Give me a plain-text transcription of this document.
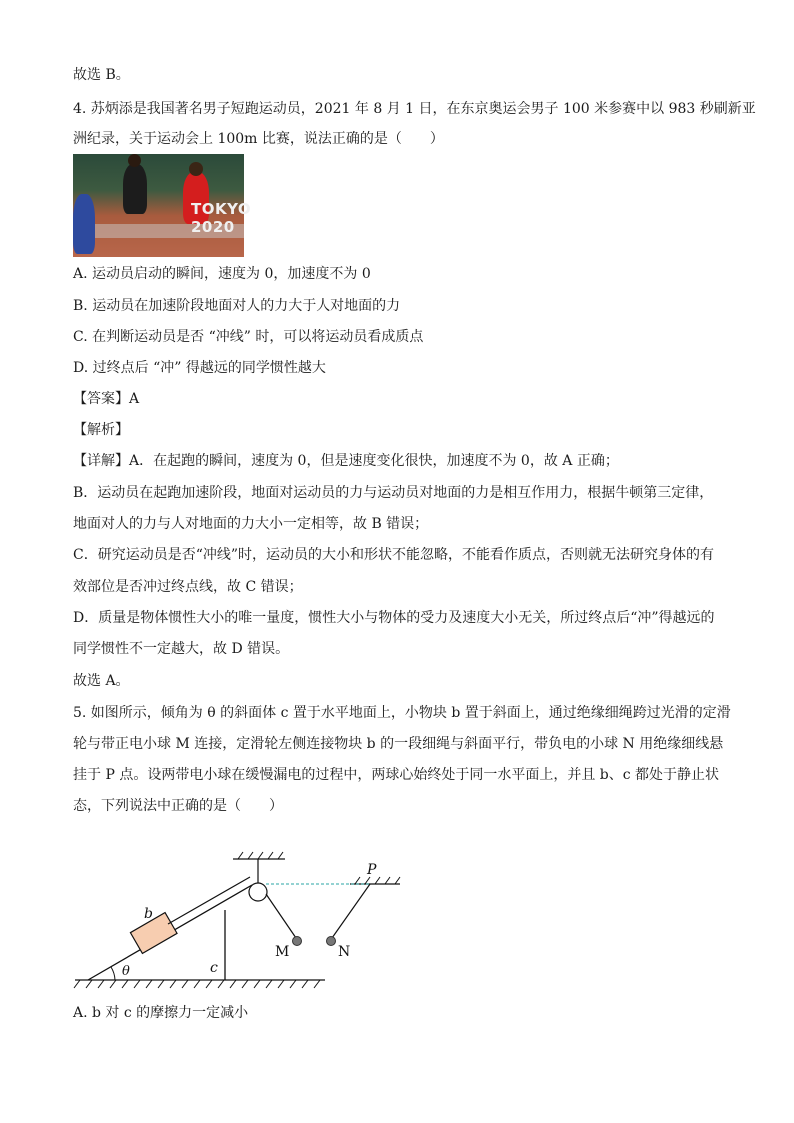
故选 B。
4. 苏炳添是我国著名男子短跑运动员，2021 年 8 月 1 日，在东京奥运会男子 100 米参赛中以 983 秒刷新亚
洲纪录，关于运动会上 100m 比赛，说法正确的是（　　）
TOKYO 2020
A. 运动员启动的瞬间，速度为 0，加速度不为 0
B. 运动员在加速阶段地面对人的力大于人对地面的力
C. 在判断运动员是否 “冲线” 时，可以将运动员看成质点
D. 过终点后 “冲” 得越远的同学惯性越大
【答案】A
【解析】
【详解】A．在起跑的瞬间，速度为 0，但是速度变化很快，加速度不为 0，故 A 正确；
B．运动员在起跑加速阶段，地面对运动员的力与运动员对地面的力是相互作用力，根据牛顿第三定律，
地面对人的力与人对地面的力大小一定相等，故 B 错误；
C．研究运动员是否“冲线”时，运动员的大小和形状不能忽略，不能看作质点，否则就无法研究身体的有
效部位是否冲过终点线，故 C 错误；
D．质量是物体惯性大小的唯一量度，惯性大小与物体的受力及速度大小无关，所过终点后“冲”得越远的
同学惯性不一定越大，故 D 错误。
故选 A。
5. 如图所示，倾角为 θ 的斜面体 c 置于水平地面上，小物块 b 置于斜面上，通过绝缘细绳跨过光滑的定滑
轮与带正电小球 M 连接，定滑轮左侧连接物块 b 的一段细绳与斜面平行，带负电的小球 N 用绝缘细线悬
挂于 P 点。设两带电小球在缓慢漏电的过程中，两球心始终处于同一水平面上，并且 b、c 都处于静止状
态，下列说法中正确的是（　　）
b
c
θ
M	N
P
A. b 对 c 的摩擦力一定减小
